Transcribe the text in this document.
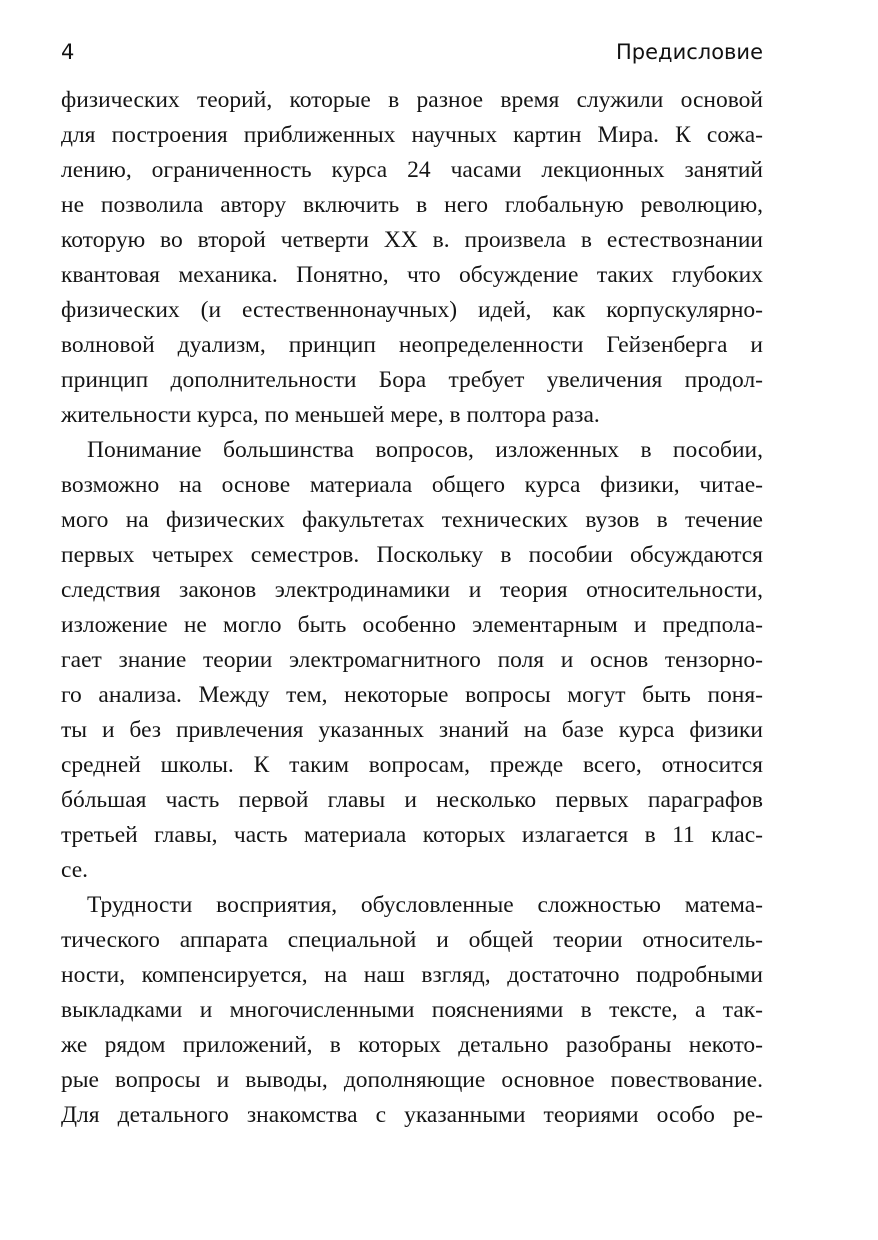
4	Предисловие
физических теорий, которые в разное время служили основой
для построения приближенных научных картин Мира. К сожа-
лению, ограниченность курса 24 часами лекционных занятий
не позволила автору включить в него глобальную революцию,
которую во второй четверти XX в. произвела в естествознании
квантовая механика. Понятно, что обсуждение таких глубоких
физических (и естественнонаучных) идей, как корпускулярно-
волновой дуализм, принцип неопределенности Гейзенберга и
принцип дополнительности Бора требует увеличения продол-
жительности курса, по меньшей мере, в полтора раза.
Понимание большинства вопросов, изложенных в пособии,
возможно на основе материала общего курса физики, читае-
мого на физических факультетах технических вузов в течение
первых четырех семестров. Поскольку в пособии обсуждаются
следствия законов электродинамики и теория относительности,
изложение не могло быть особенно элементарным и предпола-
гает знание теории электромагнитного поля и основ тензорно-
го анализа. Между тем, некоторые вопросы могут быть поня-
ты и без привлечения указанных знаний на базе курса физики
средней школы. К таким вопросам, прежде всего, относится
бóльшая часть первой главы и несколько первых параграфов
третьей главы, часть материала которых излагается в 11 клас-
се.
Трудности восприятия, обусловленные сложностью матема-
тического аппарата специальной и общей теории относитель-
ности, компенсируется, на наш взгляд, достаточно подробными
выкладками и многочисленными пояснениями в тексте, а так-
же рядом приложений, в которых детально разобраны некото-
рые вопросы и выводы, дополняющие основное повествование.
Для детального знакомства с указанными теориями особо ре-
